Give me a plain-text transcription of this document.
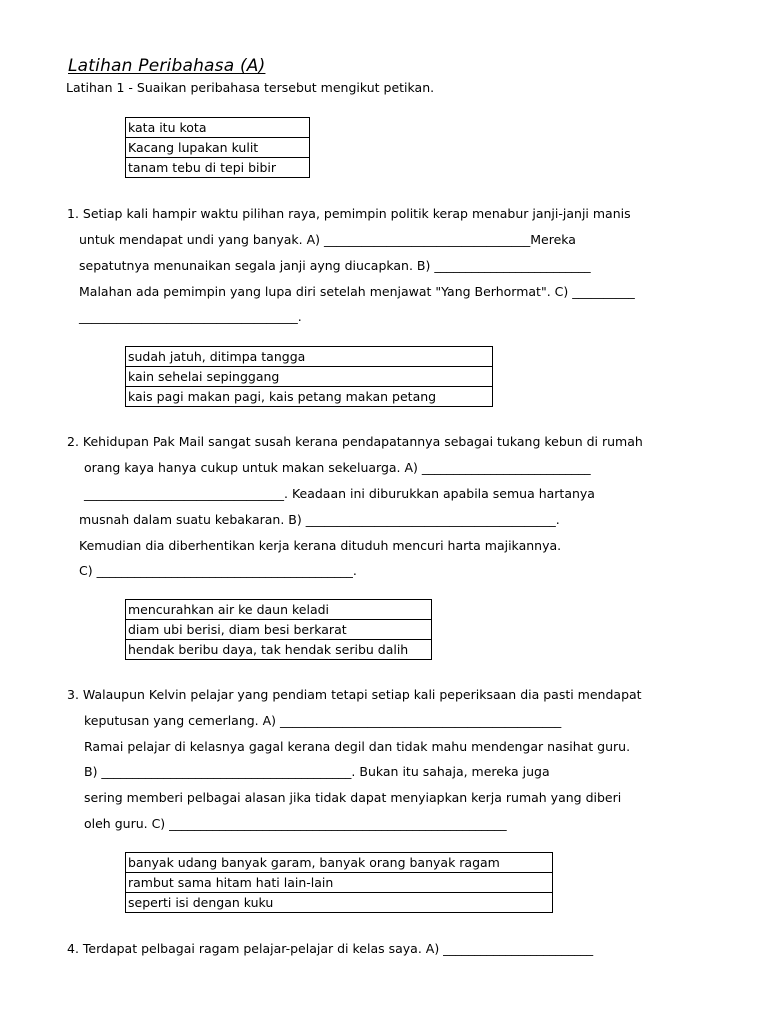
Latihan Peribahasa (A)
Latihan 1 - Suaikan peribahasa tersebut mengikut petikan.
kata itu kota
Kacang lupakan kulit
tanam tebu di tepi bibir
1. Setiap kali hampir waktu pilihan raya, pemimpin politik kerap menabur janji-janji manis
untuk mendapat undi yang banyak. A) _________________________________Mereka
sepatutnya menunaikan segala janji ayng diucapkan. B) _________________________
Malahan ada pemimpin yang lupa diri setelah menjawat "Yang Berhormat". C) __________
___________________________________.
sudah jatuh, ditimpa tangga
kain sehelai sepinggang
kais pagi makan pagi, kais petang makan petang
2. Kehidupan Pak Mail sangat susah kerana pendapatannya sebagai tukang kebun di rumah
orang kaya hanya cukup untuk makan sekeluarga. A) ___________________________
________________________________. Keadaan ini diburukkan apabila semua hartanya
musnah dalam suatu kebakaran. B) ________________________________________.
Kemudian dia diberhentikan kerja kerana dituduh mencuri harta majikannya.
C) _________________________________________.
mencurahkan air ke daun keladi
diam ubi berisi, diam besi berkarat
hendak beribu daya, tak hendak seribu dalih
3. Walaupun Kelvin pelajar yang pendiam tetapi setiap kali peperiksaan dia pasti mendapat
keputusan yang cemerlang. A) _____________________________________________
Ramai pelajar di kelasnya gagal kerana degil dan tidak mahu mendengar nasihat guru.
B) ________________________________________. Bukan itu sahaja, mereka juga
sering memberi pelbagai alasan jika tidak dapat menyiapkan kerja rumah yang diberi
oleh guru. C) ______________________________________________________
banyak udang banyak garam, banyak orang banyak ragam
rambut sama hitam hati lain-lain
seperti isi dengan kuku
4. Terdapat pelbagai ragam pelajar-pelajar di kelas saya. A) ________________________
